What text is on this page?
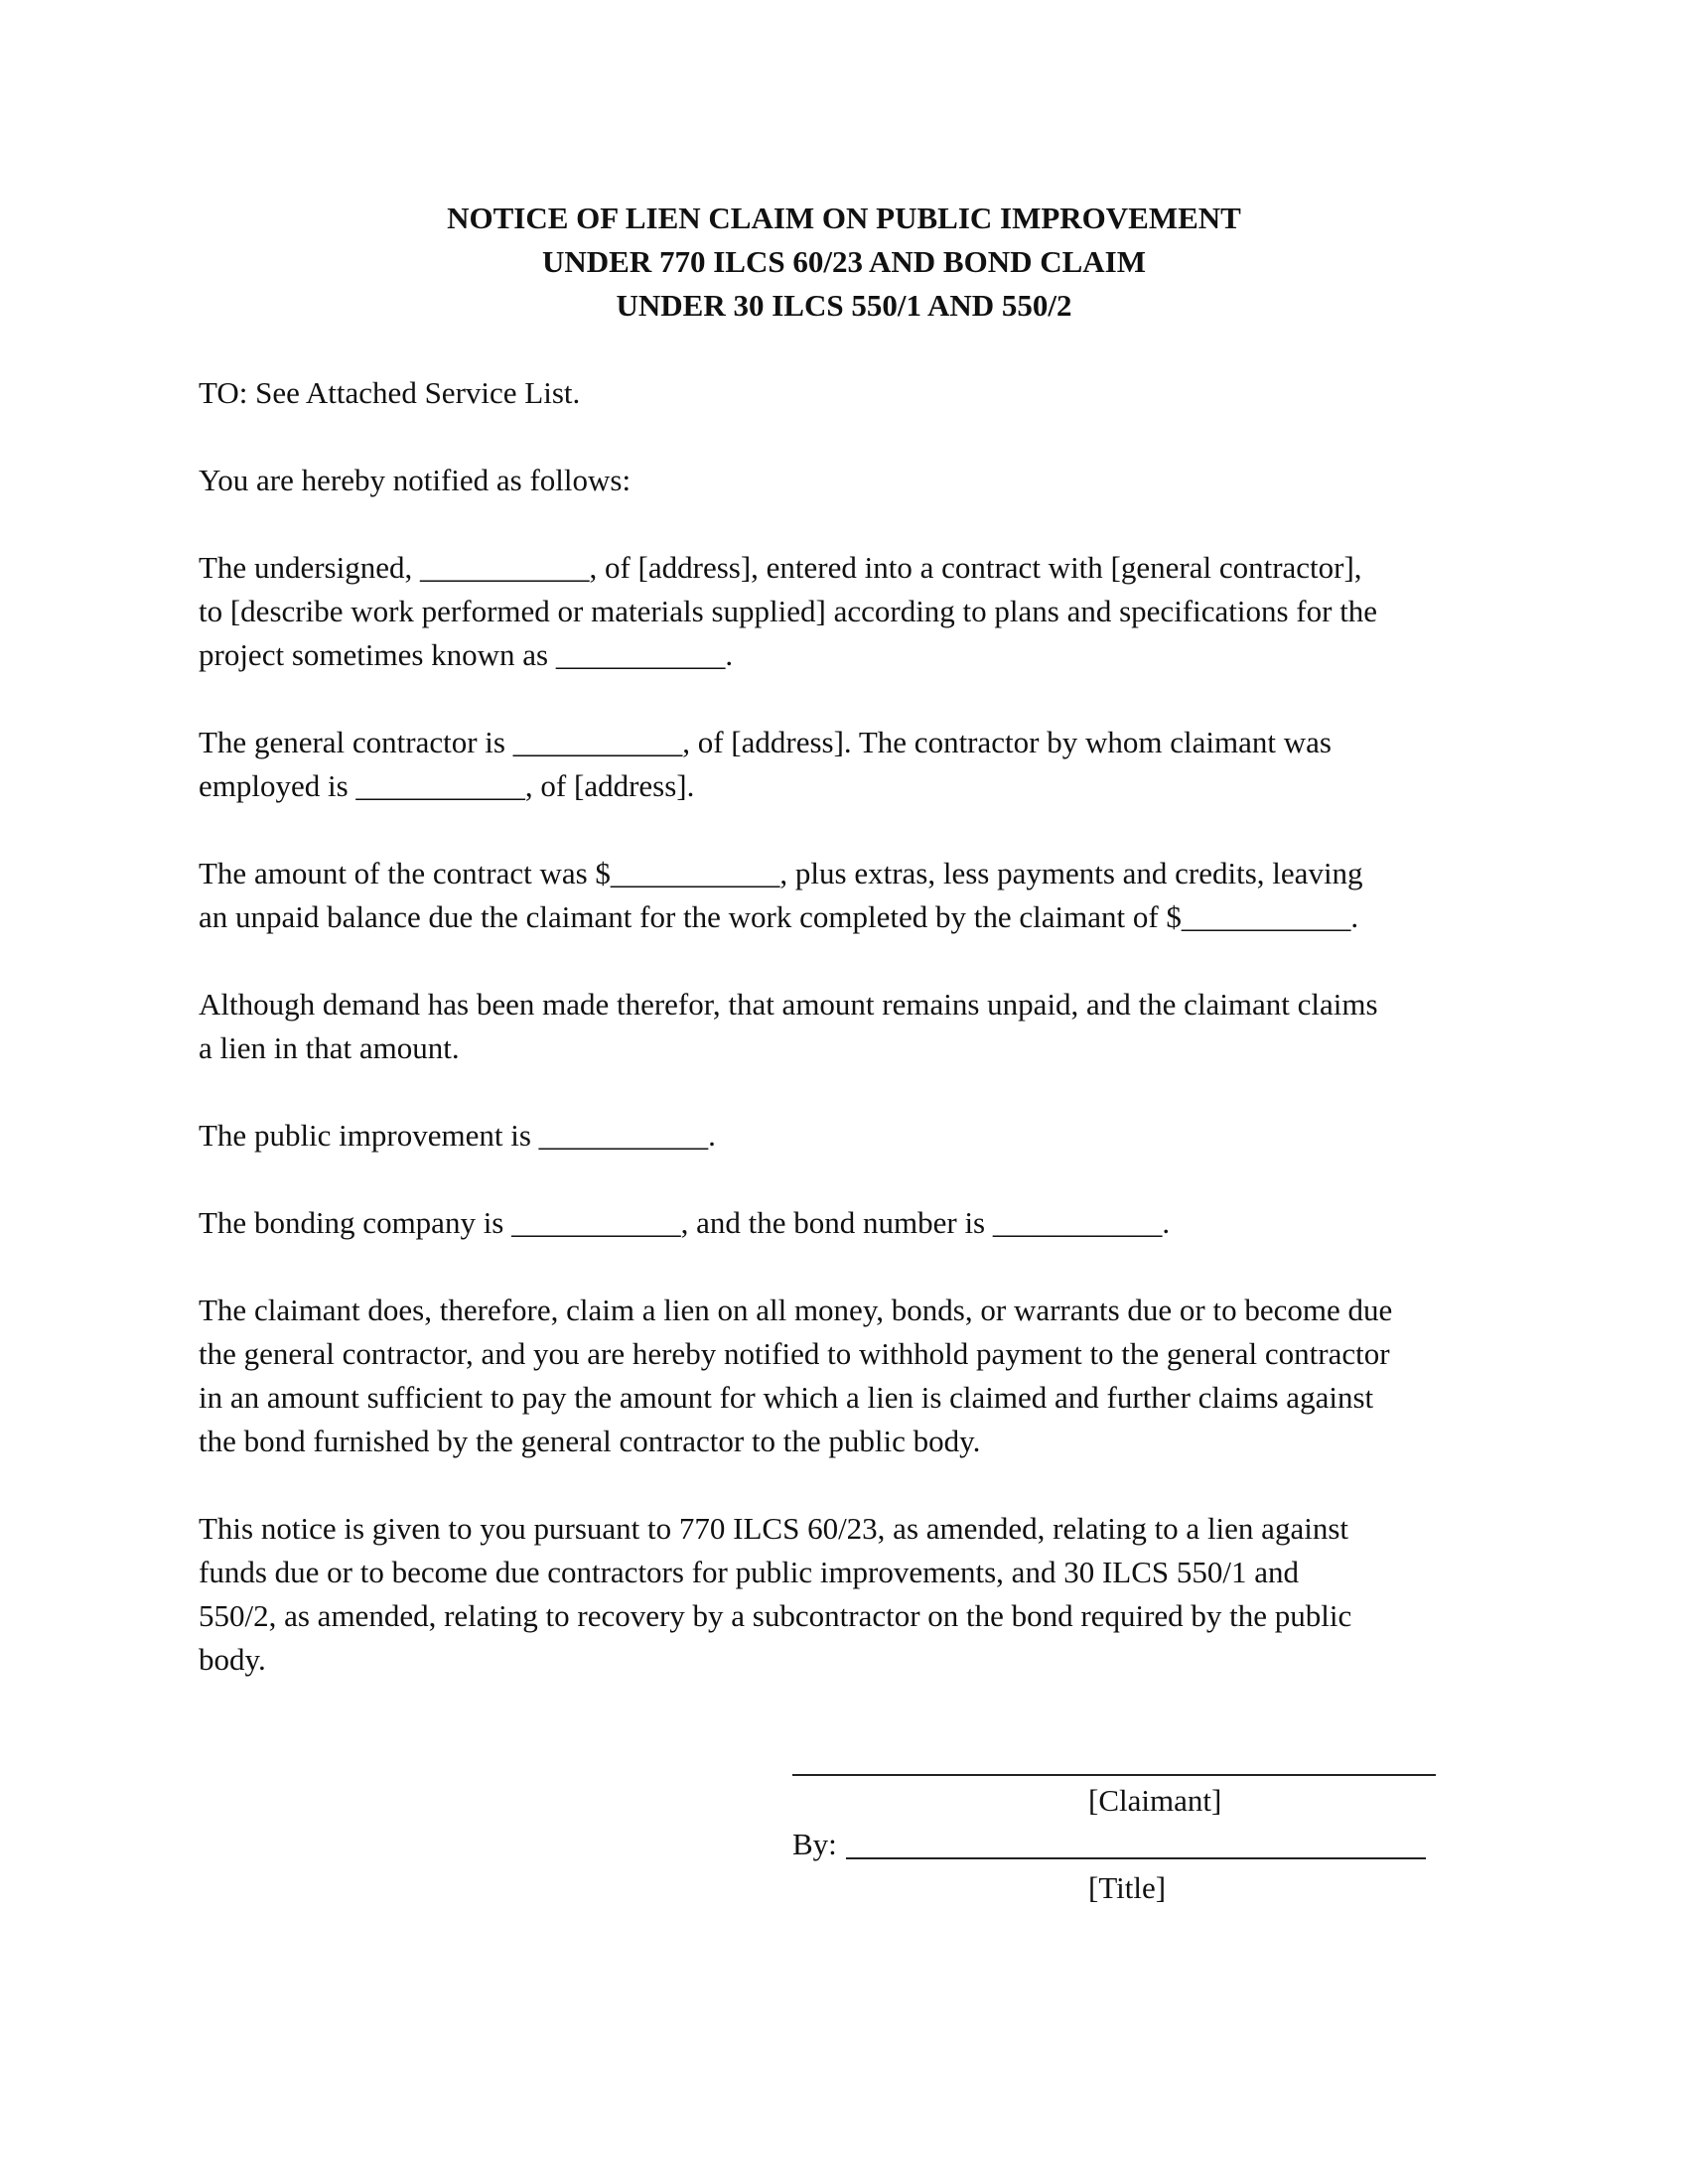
NOTICE OF LIEN CLAIM ON PUBLIC IMPROVEMENT
UNDER 770 ILCS 60/23 AND BOND CLAIM
UNDER 30 ILCS 550/1 AND 550/2

TO: See Attached Service List.

You are hereby notified as follows:

The undersigned, ___________, of [address], entered into a contract with [general contractor],
to [describe work performed or materials supplied] according to plans and specifications for the
project sometimes known as ___________.

The general contractor is ___________, of [address]. The contractor by whom claimant was
employed is ___________, of [address].

The amount of the contract was $___________, plus extras, less payments and credits, leaving
an unpaid balance due the claimant for the work completed by the claimant of $___________.

Although demand has been made therefor, that amount remains unpaid, and the claimant claims
a lien in that amount.

The public improvement is ___________.

The bonding company is ___________, and the bond number is ___________.

The claimant does, therefore, claim a lien on all money, bonds, or warrants due or to become due
the general contractor, and you are hereby notified to withhold payment to the general contractor
in an amount sufficient to pay the amount for which a lien is claimed and further claims against
the bond furnished by the general contractor to the public body.

This notice is given to you pursuant to 770 ILCS 60/23, as amended, relating to a lien against
funds due or to become due contractors for public improvements, and 30 ILCS 550/1 and
550/2, as amended, relating to recovery by a subcontractor on the bond required by the public
body.

[Claimant]
By:
[Title]
